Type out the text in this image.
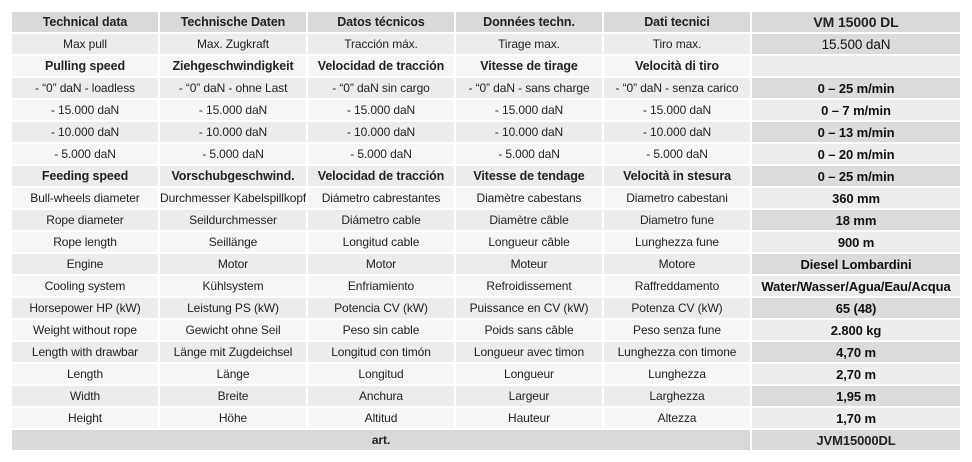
Technical data	Technische Daten	Datos técnicos	Données techn.	Dati tecnici	VM 15000 DL
Max pull	Max. Zugkraft	Tracción máx.	Tirage max.	Tiro max.	15.500 daN
Pulling speed	Ziehgeschwindigkeit	Velocidad de tracción	Vitesse de tirage	Velocità di tiro	
- “0” daN - loadless	- “0” daN - ohne Last	- “0” daN sin cargo	- “0” daN - sans charge	- “0” daN - senza carico	0 – 25 m/min
- 15.000 daN	- 15.000 daN	- 15.000 daN	- 15.000 daN	- 15.000 daN	0 – 7 m/min
- 10.000 daN	- 10.000 daN	- 10.000 daN	- 10.000 daN	- 10.000 daN	0 – 13 m/min
- 5.000 daN	- 5.000 daN	- 5.000 daN	- 5.000 daN	- 5.000 daN	0 – 20 m/min
Feeding speed	Vorschubgeschwind.	Velocidad de tracción	Vitesse de tendage	Velocità in stesura	0 – 25 m/min
Bull-wheels diameter	Durchmesser Kabelspillkopf	Diámetro cabrestantes	Diamètre cabestans	Diametro cabestani	360 mm
Rope diameter	Seildurchmesser	Diámetro cable	Diamètre câble	Diametro fune	18 mm
Rope length	Seillänge	Longitud cable	Longueur câble	Lunghezza fune	900 m
Engine	Motor	Motor	Moteur	Motore	Diesel Lombardini
Cooling system	Kühlsystem	Enfriamiento	Refroidissement	Raffreddamento	Water/Wasser/Agua/Eau/Acqua
Horsepower HP (kW)	Leistung PS (kW)	Potencia CV (kW)	Puissance en CV (kW)	Potenza CV (kW)	65 (48)
Weight without rope	Gewicht ohne Seil	Peso sin cable	Poids sans câble	Peso senza fune	2.800 kg
Length with drawbar	Länge mit Zugdeichsel	Longitud con timón	Longueur avec timon	Lunghezza con timone	4,70 m
Length	Länge	Longitud	Longueur	Lunghezza	2,70 m
Width	Breite	Anchura	Largeur	Larghezza	1,95 m
Height	Höhe	Altitud	Hauteur	Altezza	1,70 m
art.					JVM15000DL
